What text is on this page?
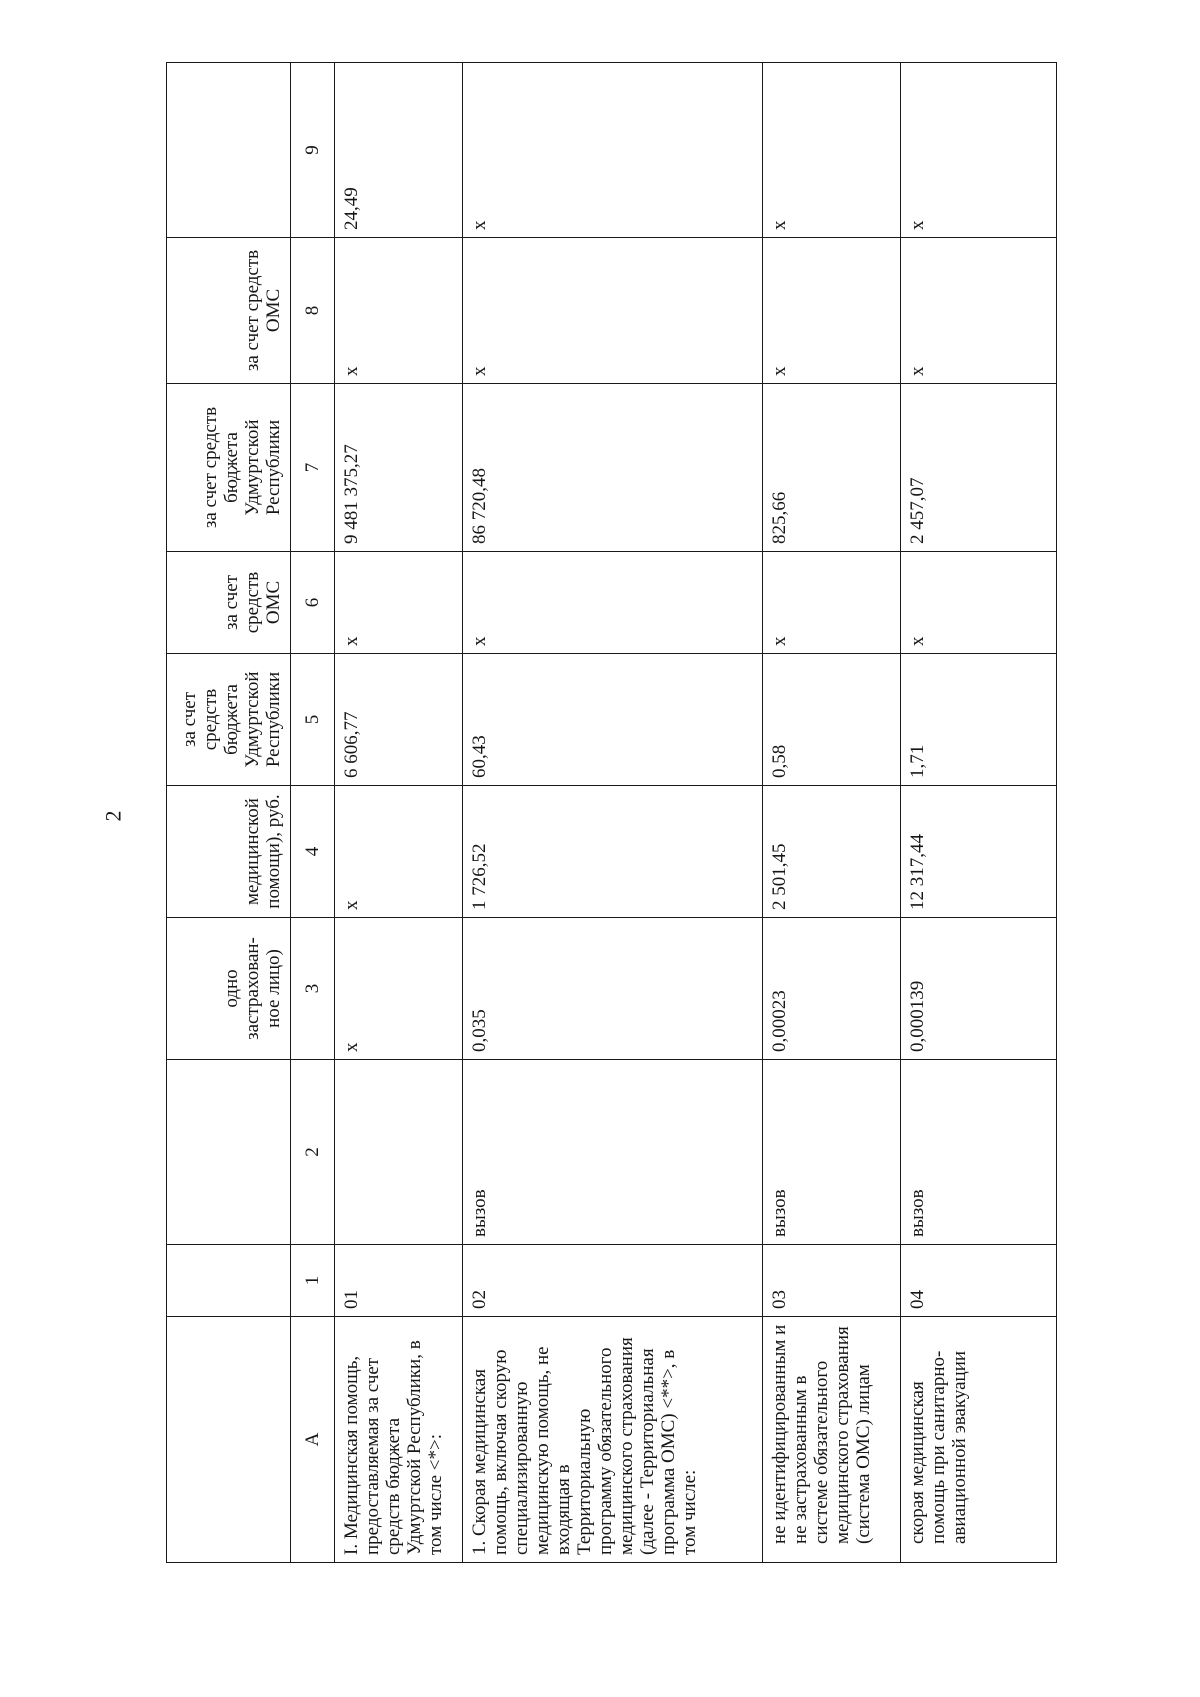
2
			одно застрахован-ное лицо)	медицинской помощи), руб.	за счет средств бюджета Удмуртской Республики	за счет средств ОМС	за счет средств бюджета Удмуртской Республики	за счет средств ОМС	
А	1	2	3	4	5	6	7	8	9
I. Медицинская помощь, предоставляемая за счет средств бюджета Удмуртской Республики, в том числе <*>:	01		x	x	6 606,77	x	9 481 375,27	x	24,49
1. Скорая медицинская помощь, включая скорую специализированную медицинскую помощь, не входящая в Территориальную программу обязательного медицинского страхования (далее - Территориальная программа ОМС) <**>, в том числе:	02	вызов	0,035	1 726,52	60,43	x	86 720,48	x	x
не идентифицированным и не застрахованным в системе обязательного медицинского страхования (система ОМС) лицам	03	вызов	0,00023	2 501,45	0,58	x	825,66	x	x
скорая медицинская помощь при санитарно-авиационной эвакуации	04	вызов	0,000139	12 317,44	1,71	x	2 457,07	x	x
